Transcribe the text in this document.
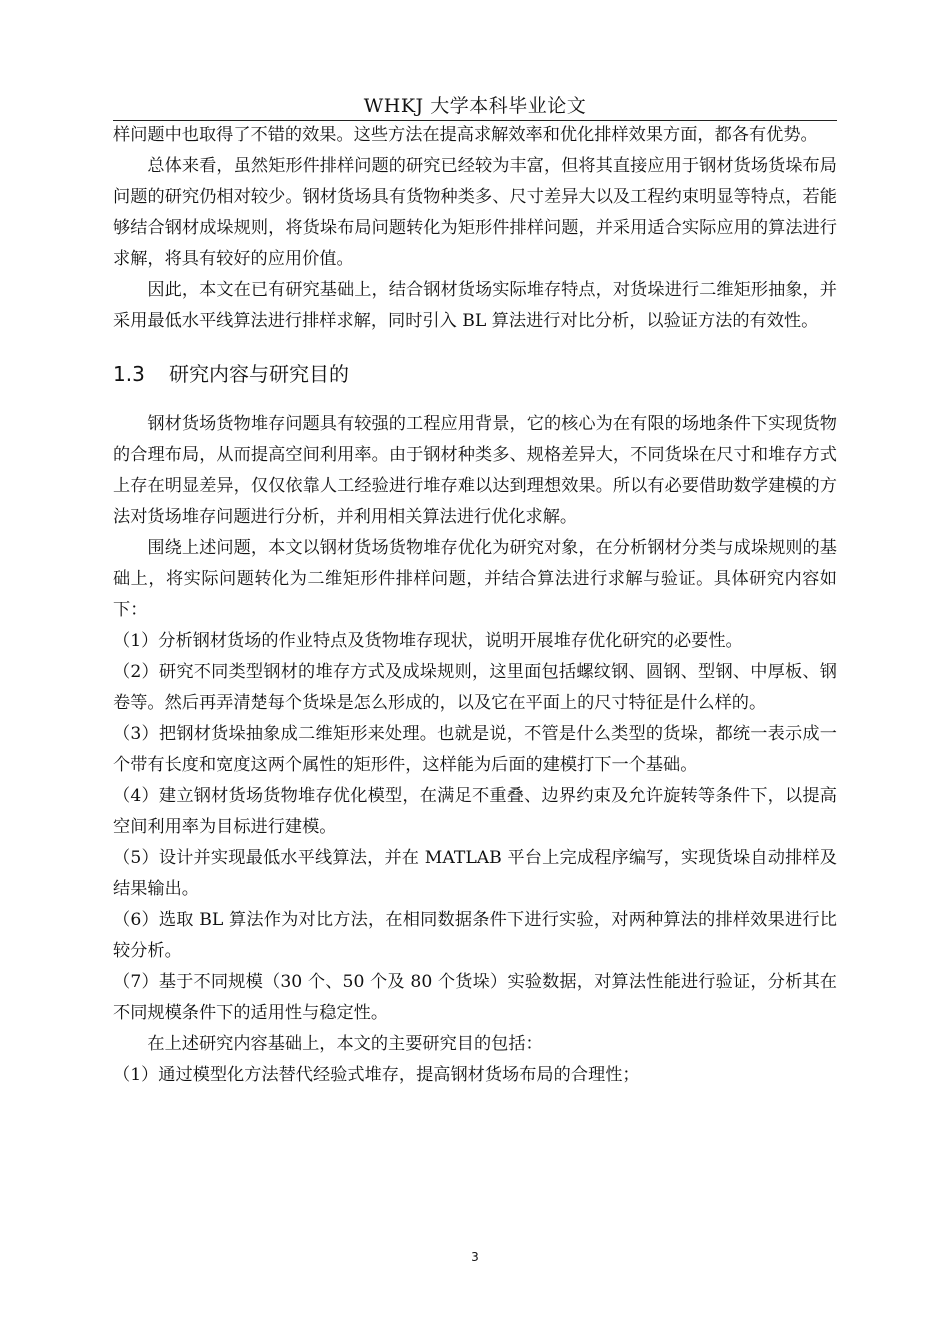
WHKJ 大学本科毕业论文

样问题中也取得了不错的效果。这些方法在提高求解效率和优化排样效果方面，都各有优势。

总体来看，虽然矩形件排样问题的研究已经较为丰富，但将其直接应用于钢材货场货垛布局问题的研究仍相对较少。钢材货场具有货物种类多、尺寸差异大以及工程约束明显等特点，若能够结合钢材成垛规则，将货垛布局问题转化为矩形件排样问题，并采用适合实际应用的算法进行求解，将具有较好的应用价值。

因此，本文在已有研究基础上，结合钢材货场实际堆存特点，对货垛进行二维矩形抽象，并采用最低水平线算法进行排样求解，同时引入 BL 算法进行对比分析，以验证方法的有效性。

1.3 研究内容与研究目的

钢材货场货物堆存问题具有较强的工程应用背景，它的核心为在有限的场地条件下实现货物的合理布局，从而提高空间利用率。由于钢材种类多、规格差异大，不同货垛在尺寸和堆存方式上存在明显差异，仅仅依靠人工经验进行堆存难以达到理想效果。所以有必要借助数学建模的方法对货场堆存问题进行分析，并利用相关算法进行优化求解。

围绕上述问题，本文以钢材货场货物堆存优化为研究对象，在分析钢材分类与成垛规则的基础上，将实际问题转化为二维矩形件排样问题，并结合算法进行求解与验证。具体研究内容如下：

（1）分析钢材货场的作业特点及货物堆存现状，说明开展堆存优化研究的必要性。

（2）研究不同类型钢材的堆存方式及成垛规则，这里面包括螺纹钢、圆钢、型钢、中厚板、钢卷等。然后再弄清楚每个货垛是怎么形成的，以及它在平面上的尺寸特征是什么样的。

（3）把钢材货垛抽象成二维矩形来处理。也就是说，不管是什么类型的货垛，都统一表示成一个带有长度和宽度这两个属性的矩形件，这样能为后面的建模打下一个基础。

（4）建立钢材货场货物堆存优化模型，在满足不重叠、边界约束及允许旋转等条件下，以提高空间利用率为目标进行建模。

（5）设计并实现最低水平线算法，并在 MATLAB 平台上完成程序编写，实现货垛自动排样及结果输出。

（6）选取 BL 算法作为对比方法，在相同数据条件下进行实验，对两种算法的排样效果进行比较分析。

（7）基于不同规模（30 个、50 个及 80 个货垛）实验数据，对算法性能进行验证，分析其在不同规模条件下的适用性与稳定性。

在上述研究内容基础上，本文的主要研究目的包括：

（1）通过模型化方法替代经验式堆存，提高钢材货场布局的合理性；

3
